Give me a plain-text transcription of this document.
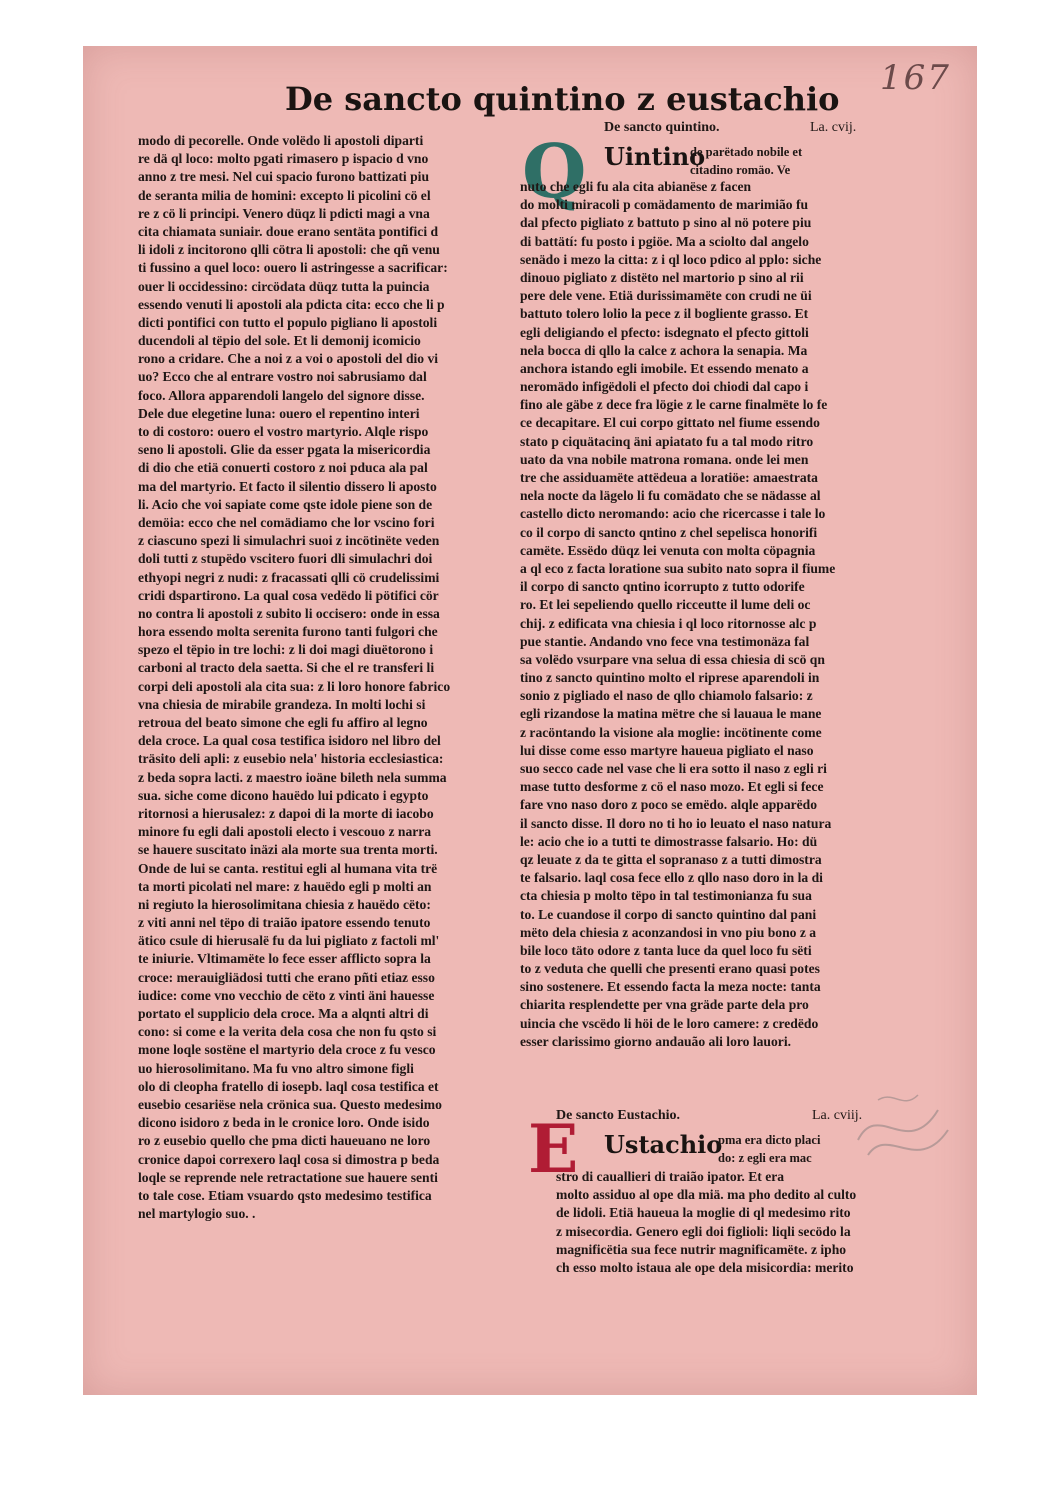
167
De sancto quintino z eustachio
modo di pecorelle. Onde volëdo li apostoli diparti
re dä ql loco: molto pgati rimasero p ispacio d vno
anno z tre mesi. Nel cui spacio furono battizati piu
de seranta milia de homini: excepto li picolini cö el
re z cö li principi. Venero düqz li pdicti magi a vna
cita chiamata suniair. doue erano sentäta pontifici d
li idoli z incitorono qlli cötra li apostoli: che qñ venu
ti fussino a quel loco: ouero li astringesse a sacrificar:
ouer li occidessino: circödata düqz tutta la puincia
essendo venuti li apostoli ala pdicta cita: ecco che li p
dicti pontifici con tutto el populo pigliano li apostoli
ducendoli al tëpio del sole. Et li demonij icomicio
rono a cridare. Che a noi z a voi o apostoli del dio vi
uo? Ecco che al entrare vostro noi sabrusiamo dal
foco. Allora apparendoli langelo del signore disse.
Dele due elegetine luna: ouero el repentino interi
to di costoro: ouero el vostro martyrio. Alqle rispo
seno li apostoli. Glie da esser pgata la misericordia
di dio che etiä conuerti costoro z noi pducа ala pal
ma del martyrio. Et facto il silentio dissero li aposto
li. Acio che voi sapiate come qste idole piene son de
demöia: ecco che nel comädiamo che lor vscino fori
z ciascuno spezi li simulachri suoi z incötinëte veden
doli tutti z stupëdo vscitero fuori dli simulachri doi
ethyopi negri z nudi: z fracassati qlli cö crudelissimi
cridi dspartirono. La qual cosa vedëdo li pötifici cör
no contra li apostoli z subito li occisero: onde in essa
hora essendo molta serenita furono tanti fulgori che
spezo el tëpio in tre lochi: z li doi magi diuëtorono i
carboni al tracto dela saetta. Si che el re transferi li
corpi deli apostoli ala cita sua: z li loro honore fabrico
vna chiesia de mirabile grandeza. In molti lochi si
retroua del beato simone che egli fu affiro al legno
dela croce. La qual cosa testifica isidoro nel libro del
träsito deli apli: z eusebio nela' historia ecclesiastica:
z beda sopra lacti. z maestro ioäne bileth nela summa
sua. siche come dicono hauëdo lui pdicato i egypto
ritornosi a hierusalez: z dapoi di la morte di iacobo
minore fu egli dali apostoli electo i vescouo z narra
se hauere suscitato inäzi ala morte sua trenta morti.
Onde de lui se canta. restitui egli al humana vita trë
ta morti picolati nel mare: z hauëdo egli p molti an
ni regiuto la hierosolimitana chiesia z hauëdo cëto:
z viti anni nel tëpo di traião ipatore essendo tenuto
ätico csule di hierusalë fu da lui pigliato z factoli ml'
te iniurie. Vltimamëte lo fece esser afflicto sopra la
croce: merauigliädosi tutti che erano pñti etiaz esso
iudice: come vno vecchio de cëto z vinti äni hauesse
portato el supplicio dela croce. Ma a alqnti altri di
cono: si come e la verita dela cosa che non fu qsto si
mone loqle sostëne el martyrio dela croce z fu vesco
uo hierosolimitano. Ma fu vno altro simone figli
olo di cleopha fratello di iosepb. laql cosa testifica et
eusebio cesariëse nela crönica sua. Questo medesimo
dicono isidoro z beda in le cronice loro. Onde isido
ro z eusebio quello che pma dicti haueuano ne loro
cronice dapoi correxero laql cosa si dimostra p beda
loqle se reprende nele retractatione sue hauere senti
to tale cose. Etiam vsuardo qsto medesimo testifica
nel martylogio suo. .
De sancto quintino.	La. cvij.
Q Uintino
de parëtado nobile et
citadino romäo. Ve
nuto che egli fu ala cita abianëse z facen
do molti miracoli p comädamento de marimião fu
dal pfecto pigliato z battuto p sino al nö potere piu
di battätí: fu posto i pgiöe. Ma a sciolto dal angelo
senädo i mezo la citta: z i ql loco pdico al pplo: siche
dinouo pigliato z distëto nel martorio p sino al rii
pere dele vene. Etiä durissimamëte con crudi ne üi
battuto tolero lolio la pece z il bogliente grasso. Et
egli deligiando el pfecto: isdegnato el pfecto gittoli
nela bocca di qllo la calce z achora la senapia. Ma
anchora istando egli imobile. Et essendo menato a
neromädo infigëdoli el pfecto doi chiodi dal capo i
fino ale gäbe z dece fra lögie z le carne finalmëte lo fe
ce decapitare. El cui corpo gittato nel fiume essendo
stato p ciquätacinq äni apiatato fu a tal modo ritro
uato da vna nobile matrona romana. onde lei men
tre che assiduamëte attëdeua a loratiöe: amaestrata
nela nocte da lägelo li fu comädato che se nädasse al
castello dicto neromando: acio che ricercasse i tale lo
co il corpo di sancto qntino z chel sepelisca honorifi
camëte. Essëdo düqz lei venuta con molta cöpagnia
a ql eco z facta loratione sua subito nato sopra il fiume
il corpo di sancto qntino icorrupto z tutto odorife
ro. Et lei sepeliendo quello ricceutte il lume deli oc
chij. z edificata vna chiesia i ql loco ritornosse alc p
pue stantie. Andando vno fece vna testimonäza fal
sa volëdo vsurpare vna selua di essa chiesia di scö qn
tino z sancto quintino molto el riprese aparendoli in
sonio z pigliado el naso de qllo chiamolo falsario: z
egli rizandose la matina mëtre che si lauaua le mane
z racöntando la visione ala moglie: incötinente come
lui disse come esso martyre haueua pigliato el naso
suo secco cade nel vase che li era sotto il naso z egli ri
mase tutto desforme z cö el naso mozo. Et egli si fece
fare vno naso doro z poco se emëdo. alqle apparëdo
il sancto disse. Il doro no ti ho io leuato el naso natura
le: acio che io a tutti te dimostrasse falsario. Ho: dü
qz leuate z da te gitta el sopranaso z a tutti dimostra
te falsario. laql cosa fece ello z qllo naso doro in la di
cta chiesia p molto tëpo in tal testimonianza fu sua
to. Le cuandose il corpo di sancto quintino dal pani
mëto dela chiesia z aconzandosi in vno piu bono z a
bile loco täto odore z tanta luce da quel loco fu sëti
to z veduta che quelli che presenti erano quasi potes
sino sostenere. Et essendo facta la meza nocte: tanta
chiarita resplendette per vna gräde parte dela pro
uincia che vscëdo li höi de le loro camere: z credëdo
esser clarissimo giorno andauão ali loro lauori.
De sancto Eustachio.	La. cviij.
E Ustachio
pma era dicto placi
do: z egli era mac
stro di cauallieri di traião ipator. Et era
molto assiduo al ope dla miä. ma pho dedito al culto
de lidoli. Etiä haueua la moglie di ql medesimo rito
z misecordia. Genero egli doi figlioli: liqli secödo la
magnificëtia sua fece nutrir magnificamëte. z ipho
ch esso molto istaua ale ope dela misicordia: merito
